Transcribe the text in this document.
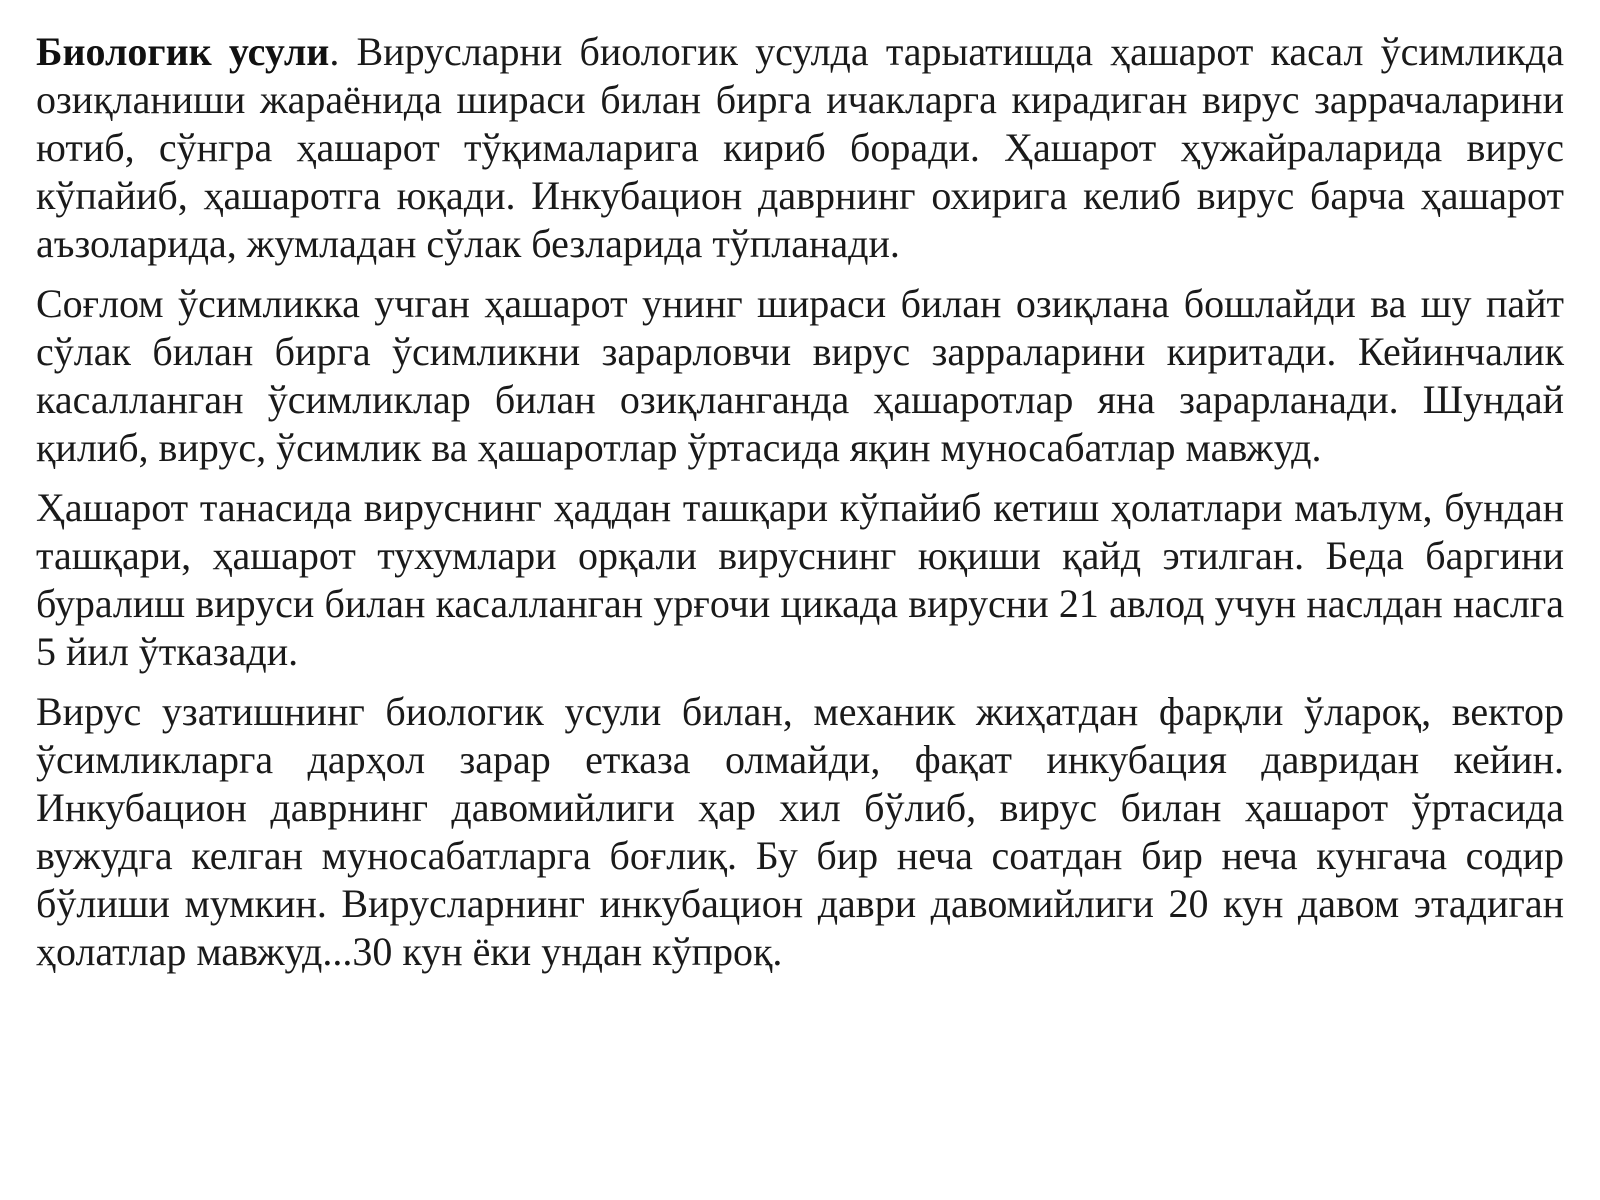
Биологик усули. Вирусларни биологик усулда тарыатишда ҳашарот касал ўсимликда озиқланиши жараёнида шираси билан бирга ичакларга кирадиган вирус заррачаларини ютиб, сўнгра ҳашарот тўқималарига кириб боради. Ҳашарот ҳужайраларида вирус кўпайиб, ҳашаротга юқади. Инкубацион даврнинг охирига келиб вирус барча ҳашарот аъзоларида, жумладан сўлак безларида тўпланади.

Соғлом ўсимликка учган ҳашарот унинг шираси билан озиқлана бошлайди ва шу пайт сўлак билан бирга ўсимликни зарарловчи вирус зарраларини киритади. Кейинчалик касалланган ўсимликлар билан озиқланганда ҳашаротлар яна зарарланади. Шундай қилиб, вирус, ўсимлик ва ҳашаротлар ўртасида яқин муносабатлар мавжуд.

Ҳашарот танасида вируснинг ҳаддан ташқари кўпайиб кетиш ҳолатлари маълум, бундан ташқари, ҳашарот тухумлари орқали вируснинг юқиши қайд этилган. Беда баргини буралиш вируси билан касалланган урғочи цикада вирусни 21 авлод учун наслдан наслга 5 йил ўтказади.

Вирус узатишнинг биологик усули билан, механик жиҳатдан фарқли ўлароқ, вектор ўсимликларга дарҳол зарар етказа олмайди, фақат инкубация давридан кейин. Инкубацион даврнинг давомийлиги ҳар хил бўлиб, вирус билан ҳашарот ўртасида вужудга келган муносабатларга боғлиқ. Бу бир неча соатдан бир неча кунгача содир бўлиши мумкин. Вирусларнинг инкубацион даври давомийлиги 20 кун давом этадиган ҳолатлар мавжуд...30 кун ёки ундан кўпроқ.
